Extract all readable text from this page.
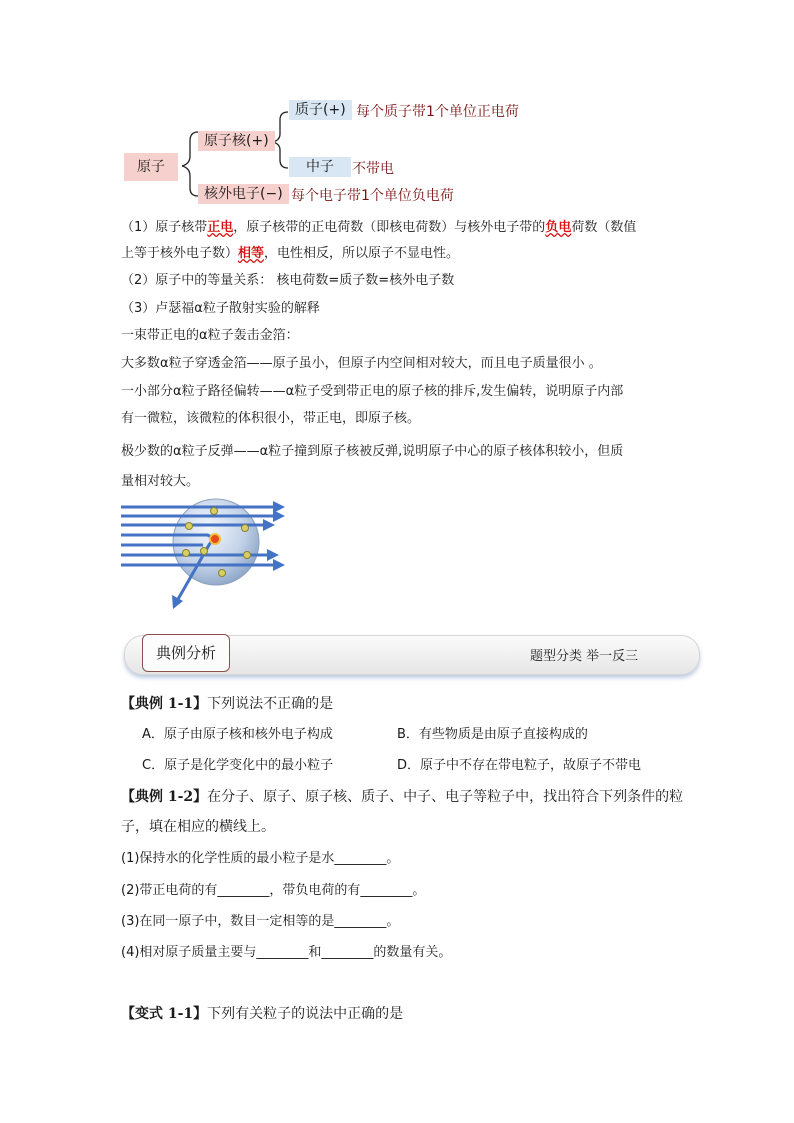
原子
原子核(+)
质子(+) 每个质子带1个单位正电荷
中子	不带电
核外电子(−) 每个电子带1个单位负电荷
（1）原子核带正电，原子核带的正电荷数（即核电荷数）与核外电子带的负电荷数（数值
上等于核外电子数）相等，电性相反，所以原子不显电性。
（2）原子中的等量关系： 核电荷数=质子数=核外电子数
（3）卢瑟福α粒子散射实验的解释
一束带正电的α粒子轰击金箔：
大多数α粒子穿透金箔——原子虽小，但原子内空间相对较大，而且电子质量很小 。
一小部分α粒子路径偏转——α粒子受到带正电的原子核的排斥,发生偏转，说明原子内部
有一微粒，该微粒的体积很小，带正电，即原子核。
极少数的α粒子反弹——α粒子撞到原子核被反弹,说明原子中心的原子核体积较小，但质
量相对较大。
典例分析	题型分类 举一反三
【典例 1-1】下列说法不正确的是
A．原子由原子核和核外电子构成	B．有些物质是由原子直接构成的
C．原子是化学变化中的最小粒子	D．原子中不存在带电粒子，故原子不带电
【典例 1-2】在分子、原子、原子核、质子、中子、电子等粒子中，找出符合下列条件的粒
子，填在相应的横线上。
(1)保持水的化学性质的最小粒子是水________。
(2)带正电荷的有________，带负电荷的有________。
(3)在同一原子中，数目一定相等的是________。
(4)相对原子质量主要与________和________的数量有关。
【变式 1-1】下列有关粒子的说法中正确的是
